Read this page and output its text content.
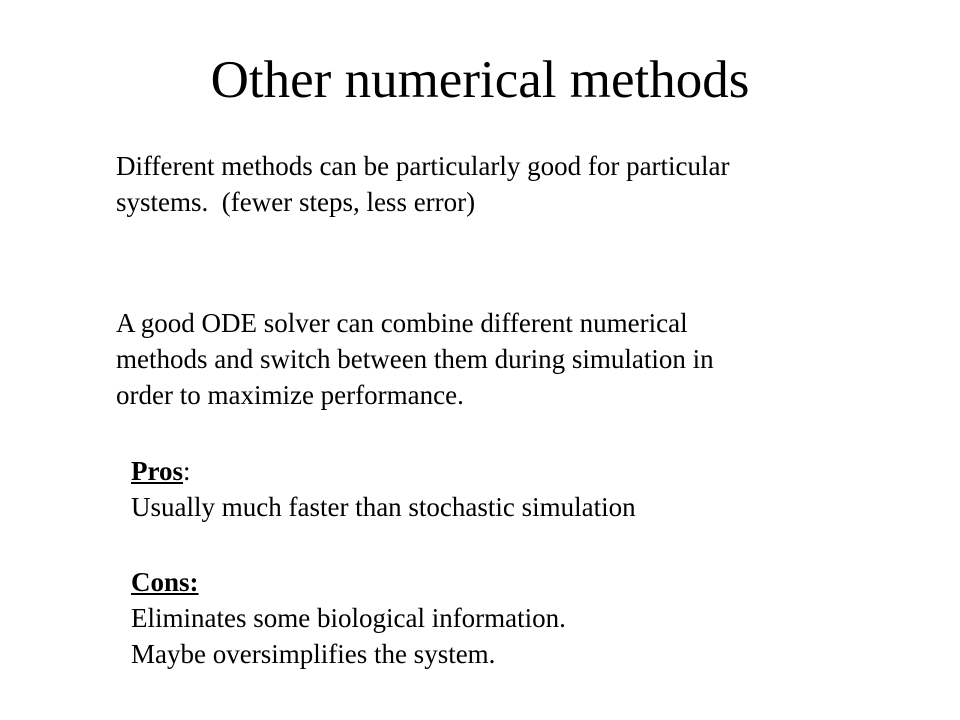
Other numerical methods

Different methods can be particularly good for particular

systems.  (fewer steps, less error)

A good ODE solver can combine different numerical

methods and switch between them during simulation in

order to maximize performance.

Pros:

Usually much faster than stochastic simulation

Cons:

Eliminates some biological information.

Maybe oversimplifies the system.
